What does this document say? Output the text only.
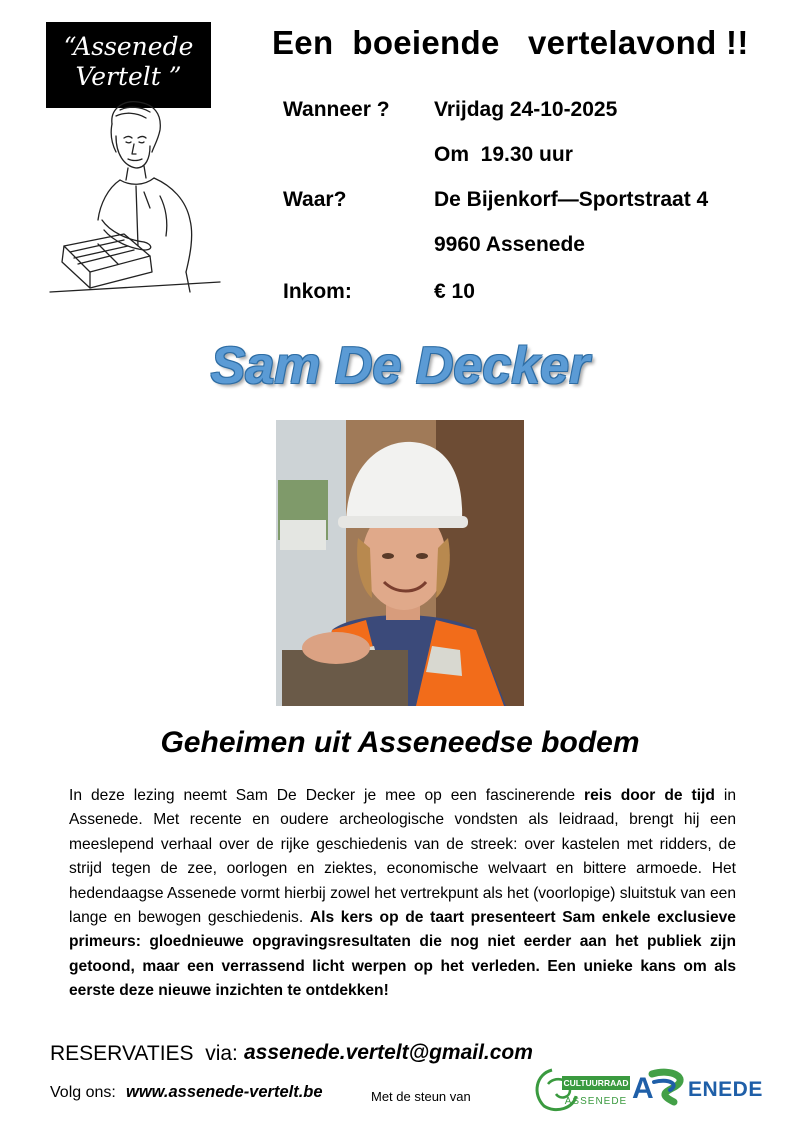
“Assenede
Vertelt ”
Een  boeiende   vertelavond !!
Wanneer ? Vrijdag 24-10-2025
Om  19.30 uur
Waar?	De Bijenkorf—Sportstraat 4
9960 Assenede
Inkom:	€ 10
Sam De Decker
Geheimen uit Asseneedse bodem
In deze lezing neemt Sam De Decker je mee op een fascinerende reis door de tijd in Assenede. Met recente en oudere archeologische vondsten als leidraad, brengt hij een meeslepend verhaal over de rijke geschiedenis van de streek: over kastelen met ridders, de strijd tegen de zee, oorlogen en ziektes, economische welvaart en bittere armoede. Het hedendaagse Assenede vormt hierbij zowel het vertrekpunt als het (voorlopige) sluitstuk van een lange en bewogen geschiedenis. Als kers op de taart presenteert Sam enkele exclusieve primeurs: gloednieuwe opgravingsresultaten die nog niet eerder aan het publiek zijn getoond, maar een verrassend licht werpen op het verleden. Een unieke kans om als eerste deze nieuwe inzichten te ontdekken!
RESERVATIES  via: assenede.vertelt@gmail.com
Volg ons: www.assenede-vertelt.be	Met de steun van
CULTUURRAAD
ASSENEDE A ENEDE
